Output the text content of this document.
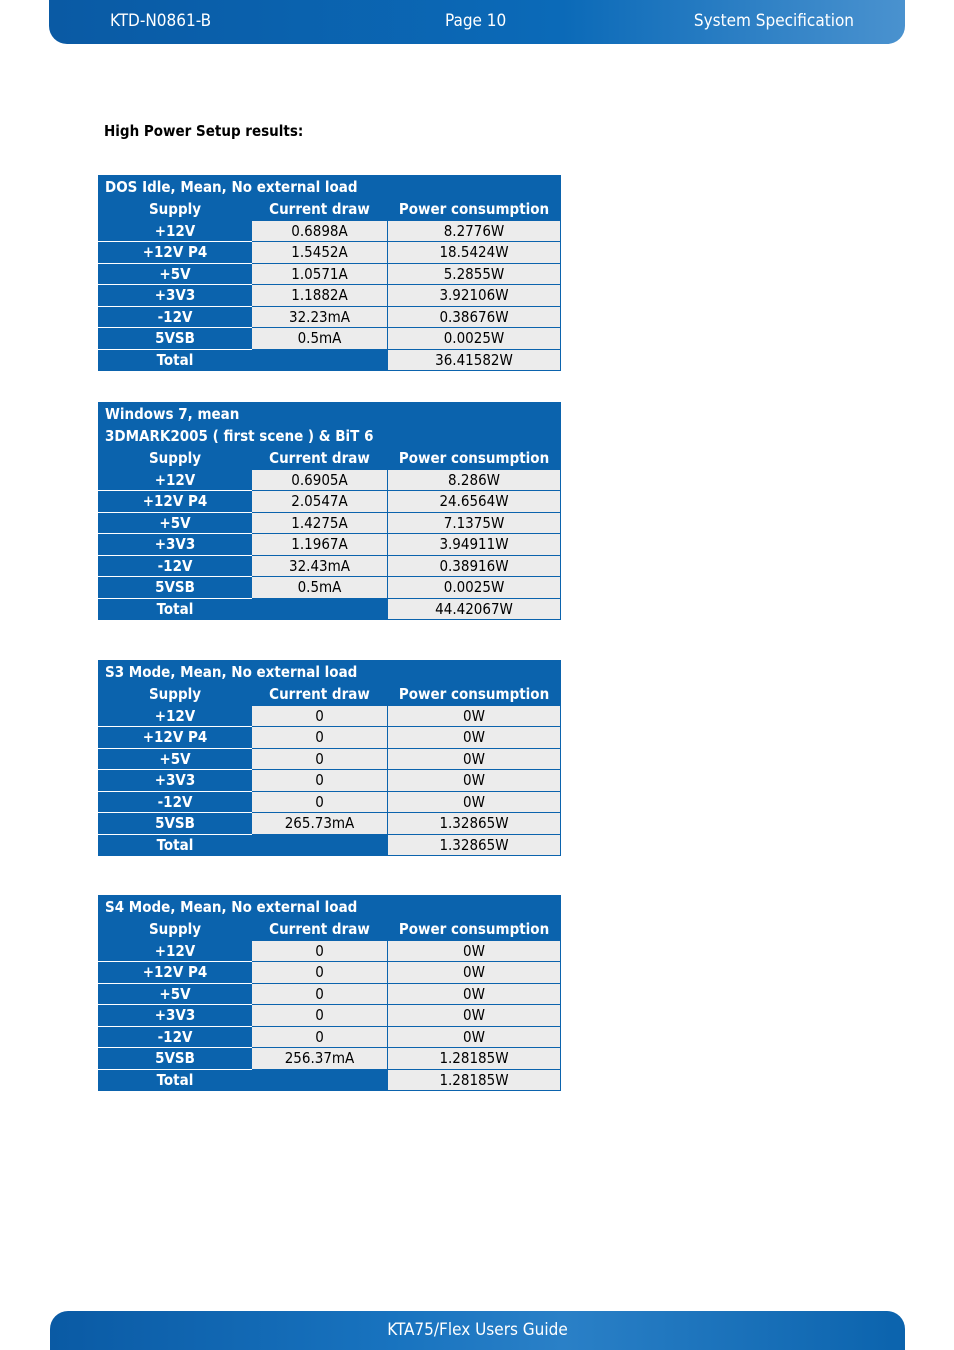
KTD-N0861-B	Page 10	System Specification
High Power Setup results:
DOS Idle, Mean, No external load		

Supply	Current draw	Power consumption
+12V	0.6898A	8.2776W
+12V P4	1.5452A	18.5424W
+5V	1.0571A	5.2855W
+3V3	1.1882A	3.92106W
-12V	32.23mA	0.38676W
5VSB	0.5mA	0.0025W
Total		36.41582W
Windows 7, mean
3DMARK2005 ( first scene ) & BiT 6		

Supply	Current draw	Power consumption
+12V	0.6905A	8.286W
+12V P4	2.0547A	24.6564W
+5V	1.4275A	7.1375W
+3V3	1.1967A	3.94911W
-12V	32.43mA	0.38916W
5VSB	0.5mA	0.0025W
Total		44.42067W
S3 Mode, Mean, No external load		

Supply	Current draw	Power consumption
+12V	0	0W
+12V P4	0	0W
+5V	0	0W
+3V3	0	0W
-12V	0	0W
5VSB	265.73mA	1.32865W
Total		1.32865W
S4 Mode, Mean, No external load		

Supply	Current draw	Power consumption
+12V	0	0W
+12V P4	0	0W
+5V	0	0W
+3V3	0	0W
-12V	0	0W
5VSB	256.37mA	1.28185W
Total		1.28185W
KTA75/Flex Users Guide
